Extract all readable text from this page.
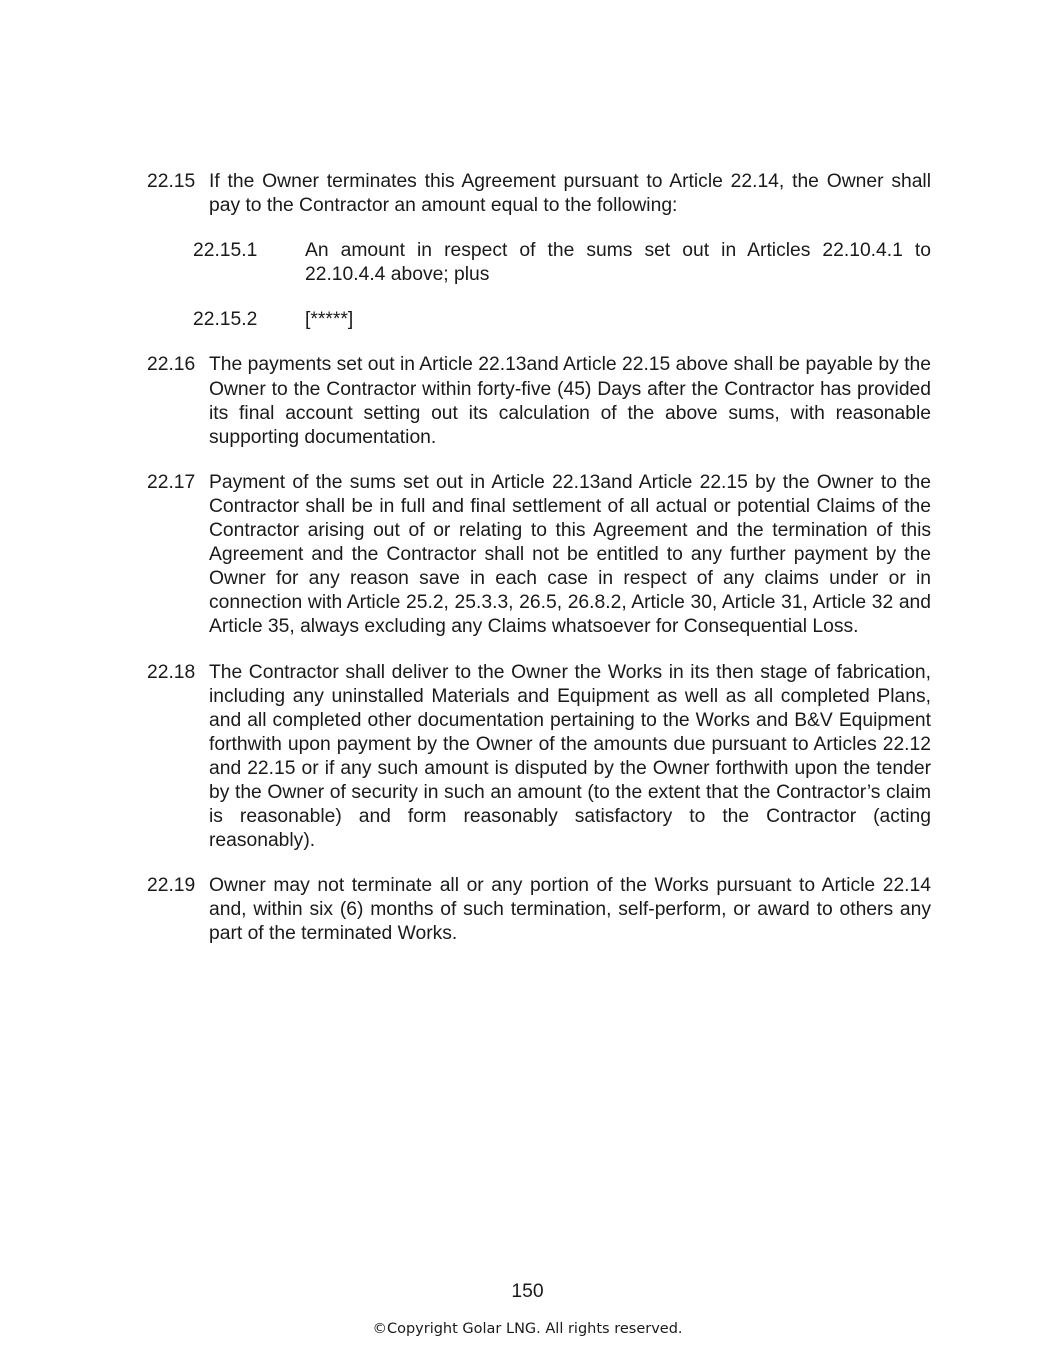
22.15 If the Owner terminates this Agreement pursuant to Article 22.14, the Owner shall pay to the Contractor an amount equal to the following:
22.15.1	An amount in respect of the sums set out in Articles 22.10.4.1 to 22.10.4.4 above; plus
22.15.2	[*****]
22.16 The payments set out in Article 22.13and Article 22.15 above shall be payable by the Owner to the Contractor within forty-five (45) Days after the Contractor has provided its final account setting out its calculation of the above sums, with reasonable supporting documentation.
22.17 Payment of the sums set out in Article 22.13and Article 22.15 by the Owner to the Contractor shall be in full and final settlement of all actual or potential Claims of the Contractor arising out of or relating to this Agreement and the termination of this Agreement and the Contractor shall not be entitled to any further payment by the Owner for any reason save in each case in respect of any claims under or in connection with Article 25.2, 25.3.3, 26.5, 26.8.2, Article 30, Article 31, Article 32 and Article 35, always excluding any Claims whatsoever for Consequential Loss.
22.18 The Contractor shall deliver to the Owner the Works in its then stage of fabrication, including any uninstalled Materials and Equipment as well as all completed Plans, and all completed other documentation pertaining to the Works and B&V Equipment forthwith upon payment by the Owner of the amounts due pursuant to Articles 22.12 and 22.15 or if any such amount is disputed by the Owner forthwith upon the tender by the Owner of security in such an amount (to the extent that the Contractor’s claim is reasonable) and form reasonably satisfactory to the Contractor (acting reasonably).
22.19 Owner may not terminate all or any portion of the Works pursuant to Article 22.14 and, within six (6) months of such termination, self-perform, or award to others any part of the terminated Works.
150
©Copyright Golar LNG. All rights reserved.
